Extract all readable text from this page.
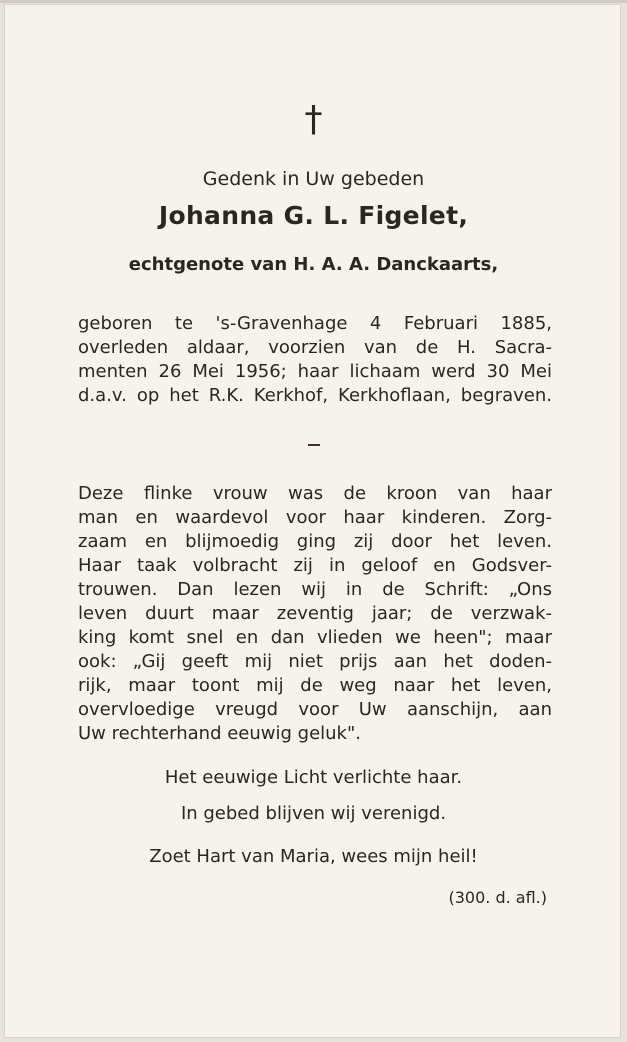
†
Gedenk in Uw gebeden
Johanna G. L. Figelet,
echtgenote van H. A. A. Danckaarts,
geboren te 's-Gravenhage 4 Februari 1885,
overleden aldaar, voorzien van de H. Sacra-
menten 26 Mei 1956; haar lichaam werd 30 Mei
d.a.v. op het R.K. Kerkhof, Kerkhoflaan, begraven.
Deze flinke vrouw was de kroon van haar
man en waardevol voor haar kinderen. Zorg-
zaam en blijmoedig ging zij door het leven.
Haar taak volbracht zij in geloof en Godsver-
trouwen. Dan lezen wij in de Schrift: „Ons
leven duurt maar zeventig jaar; de verzwak-
king komt snel en dan vlieden we heen"; maar
ook: „Gij geeft mij niet prijs aan het doden-
rijk, maar toont mij de weg naar het leven,
overvloedige vreugd voor Uw aanschijn, aan
Uw rechterhand eeuwig geluk".
Het eeuwige Licht verlichte haar.
In gebed blijven wij verenigd.
Zoet Hart van Maria, wees mijn heil!
(300. d. afl.)
